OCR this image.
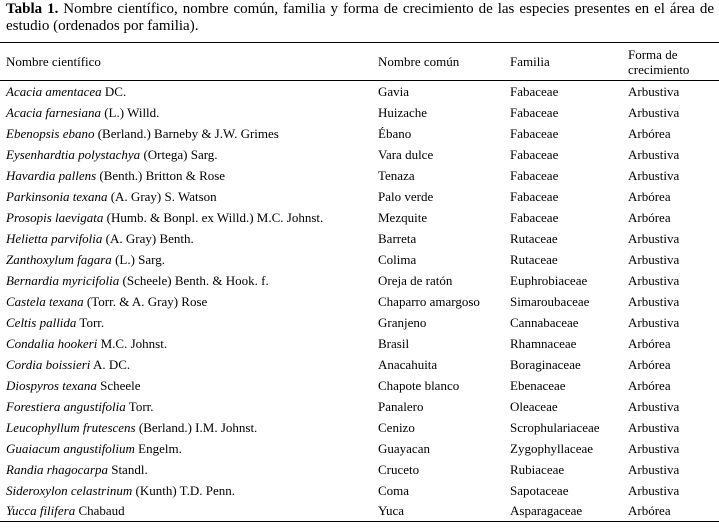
Tabla 1. Nombre científico, nombre común, familia y forma de crecimiento de las especies presentes en el área de estudio (ordenados por familia).
Nombre científico	Nombre común	Familia	Forma de crecimiento
Acacia amentacea DC.	Gavia	Fabaceae	Arbustiva
Acacia farnesiana (L.) Willd.	Huizache	Fabaceae	Arbustiva
Ebenopsis ebano (Berland.) Barneby & J.W. Grimes	Ébano	Fabaceae	Arbórea
Eysenhardtia polystachya (Ortega) Sarg.	Vara dulce	Fabaceae	Arbustiva
Havardia pallens (Benth.) Britton & Rose	Tenaza	Fabaceae	Arbustiva
Parkinsonia texana (A. Gray) S. Watson	Palo verde	Fabaceae	Arbórea
Prosopis laevigata (Humb. & Bonpl. ex Willd.) M.C. Johnst.	Mezquite	Fabaceae	Arbórea
Helietta parvifolia (A. Gray) Benth.	Barreta	Rutaceae	Arbustiva
Zanthoxylum fagara (L.) Sarg.	Colima	Rutaceae	Arbustiva
Bernardia myricifolia (Scheele) Benth. & Hook. f.	Oreja de ratón	Euphrobiaceae	Arbustiva
Castela texana (Torr. & A. Gray) Rose	Chaparro amargoso	Simaroubaceae	Arbustiva
Celtis pallida Torr.	Granjeno	Cannabaceae	Arbustiva
Condalia hookeri M.C. Johnst.	Brasil	Rhamnaceae	Arbórea
Cordia boissieri A. DC.	Anacahuita	Boraginaceae	Arbórea
Diospyros texana Scheele	Chapote blanco	Ebenaceae	Arbórea
Forestiera angustifolia Torr.	Panalero	Oleaceae	Arbustiva
Leucophyllum frutescens (Berland.) I.M. Johnst.	Cenizo	Scrophulariaceae	Arbustiva
Guaiacum angustifolium Engelm.	Guayacan	Zygophyllaceae	Arbustiva
Randia rhagocarpa Standl.	Cruceto	Rubiaceae	Arbustiva
Sideroxylon celastrinum (Kunth) T.D. Penn.	Coma	Sapotaceae	Arbustiva
Yucca filifera Chabaud	Yuca	Asparagaceae	Arbórea
